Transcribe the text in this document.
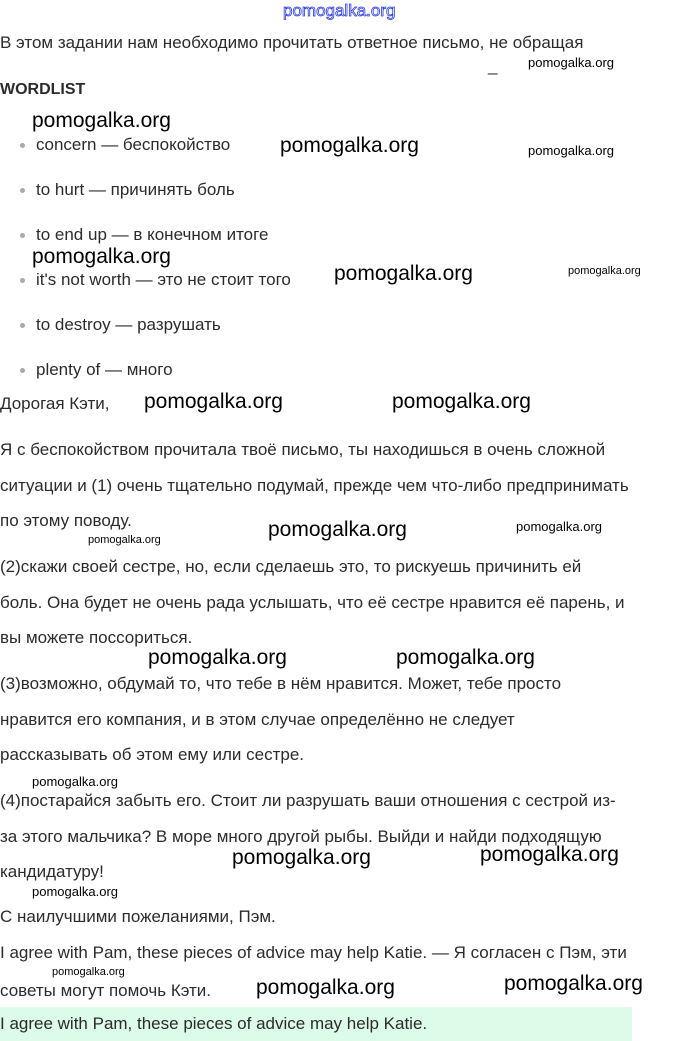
pomogalka.org
В этом задании нам необходимо прочитать ответное письмо, не обращая
_
WORDLIST
concern — беспокойство
to hurt — причинять боль
to end up — в конечном итоге
it's not worth — это не стоит того
to destroy — разрушать
plenty of — много
Дорогая Кэти,
Я с беспокойством прочитала твоё письмо, ты находишься в очень сложной
ситуации и (1) очень тщательно подумай, прежде чем что-либо предпринимать
по этому поводу.
(2)скажи своей сестре, но, если сделаешь это, то рискуешь причинить ей
боль. Она будет не очень рада услышать, что её сестре нравится её парень, и
вы можете поссориться.
(3)возможно, обдумай то, что тебе в нём нравится. Может, тебе просто
нравится его компания, и в этом случае определённо не следует
рассказывать об этом ему или сестре.
(4)постарайся забыть его. Стоит ли разрушать ваши отношения с сестрой из-
за этого мальчика? В море много другой рыбы. Выйди и найди подходящую
кандидатуру!
С наилучшими пожеланиями, Пэм.
I agree with Pam, these pieces of advice may help Katie. — Я согласен с Пэм, эти
советы могут помочь Кэти.
I agree with Pam, these pieces of advice may help Katie.
pomogalka.org
pomogalka.org
pomogalka.org	pomogalka.org
pomogalka.org
pomogalka.org	pomogalka.org
pomogalka.org	pomogalka.org
pomogalka.org	pomogalka.org	pomogalka.org
pomogalka.org	pomogalka.org
pomogalka.org
pomogalka.org	pomogalka.org
pomogalka.org
pomogalka.org
pomogalka.org	pomogalka.org
